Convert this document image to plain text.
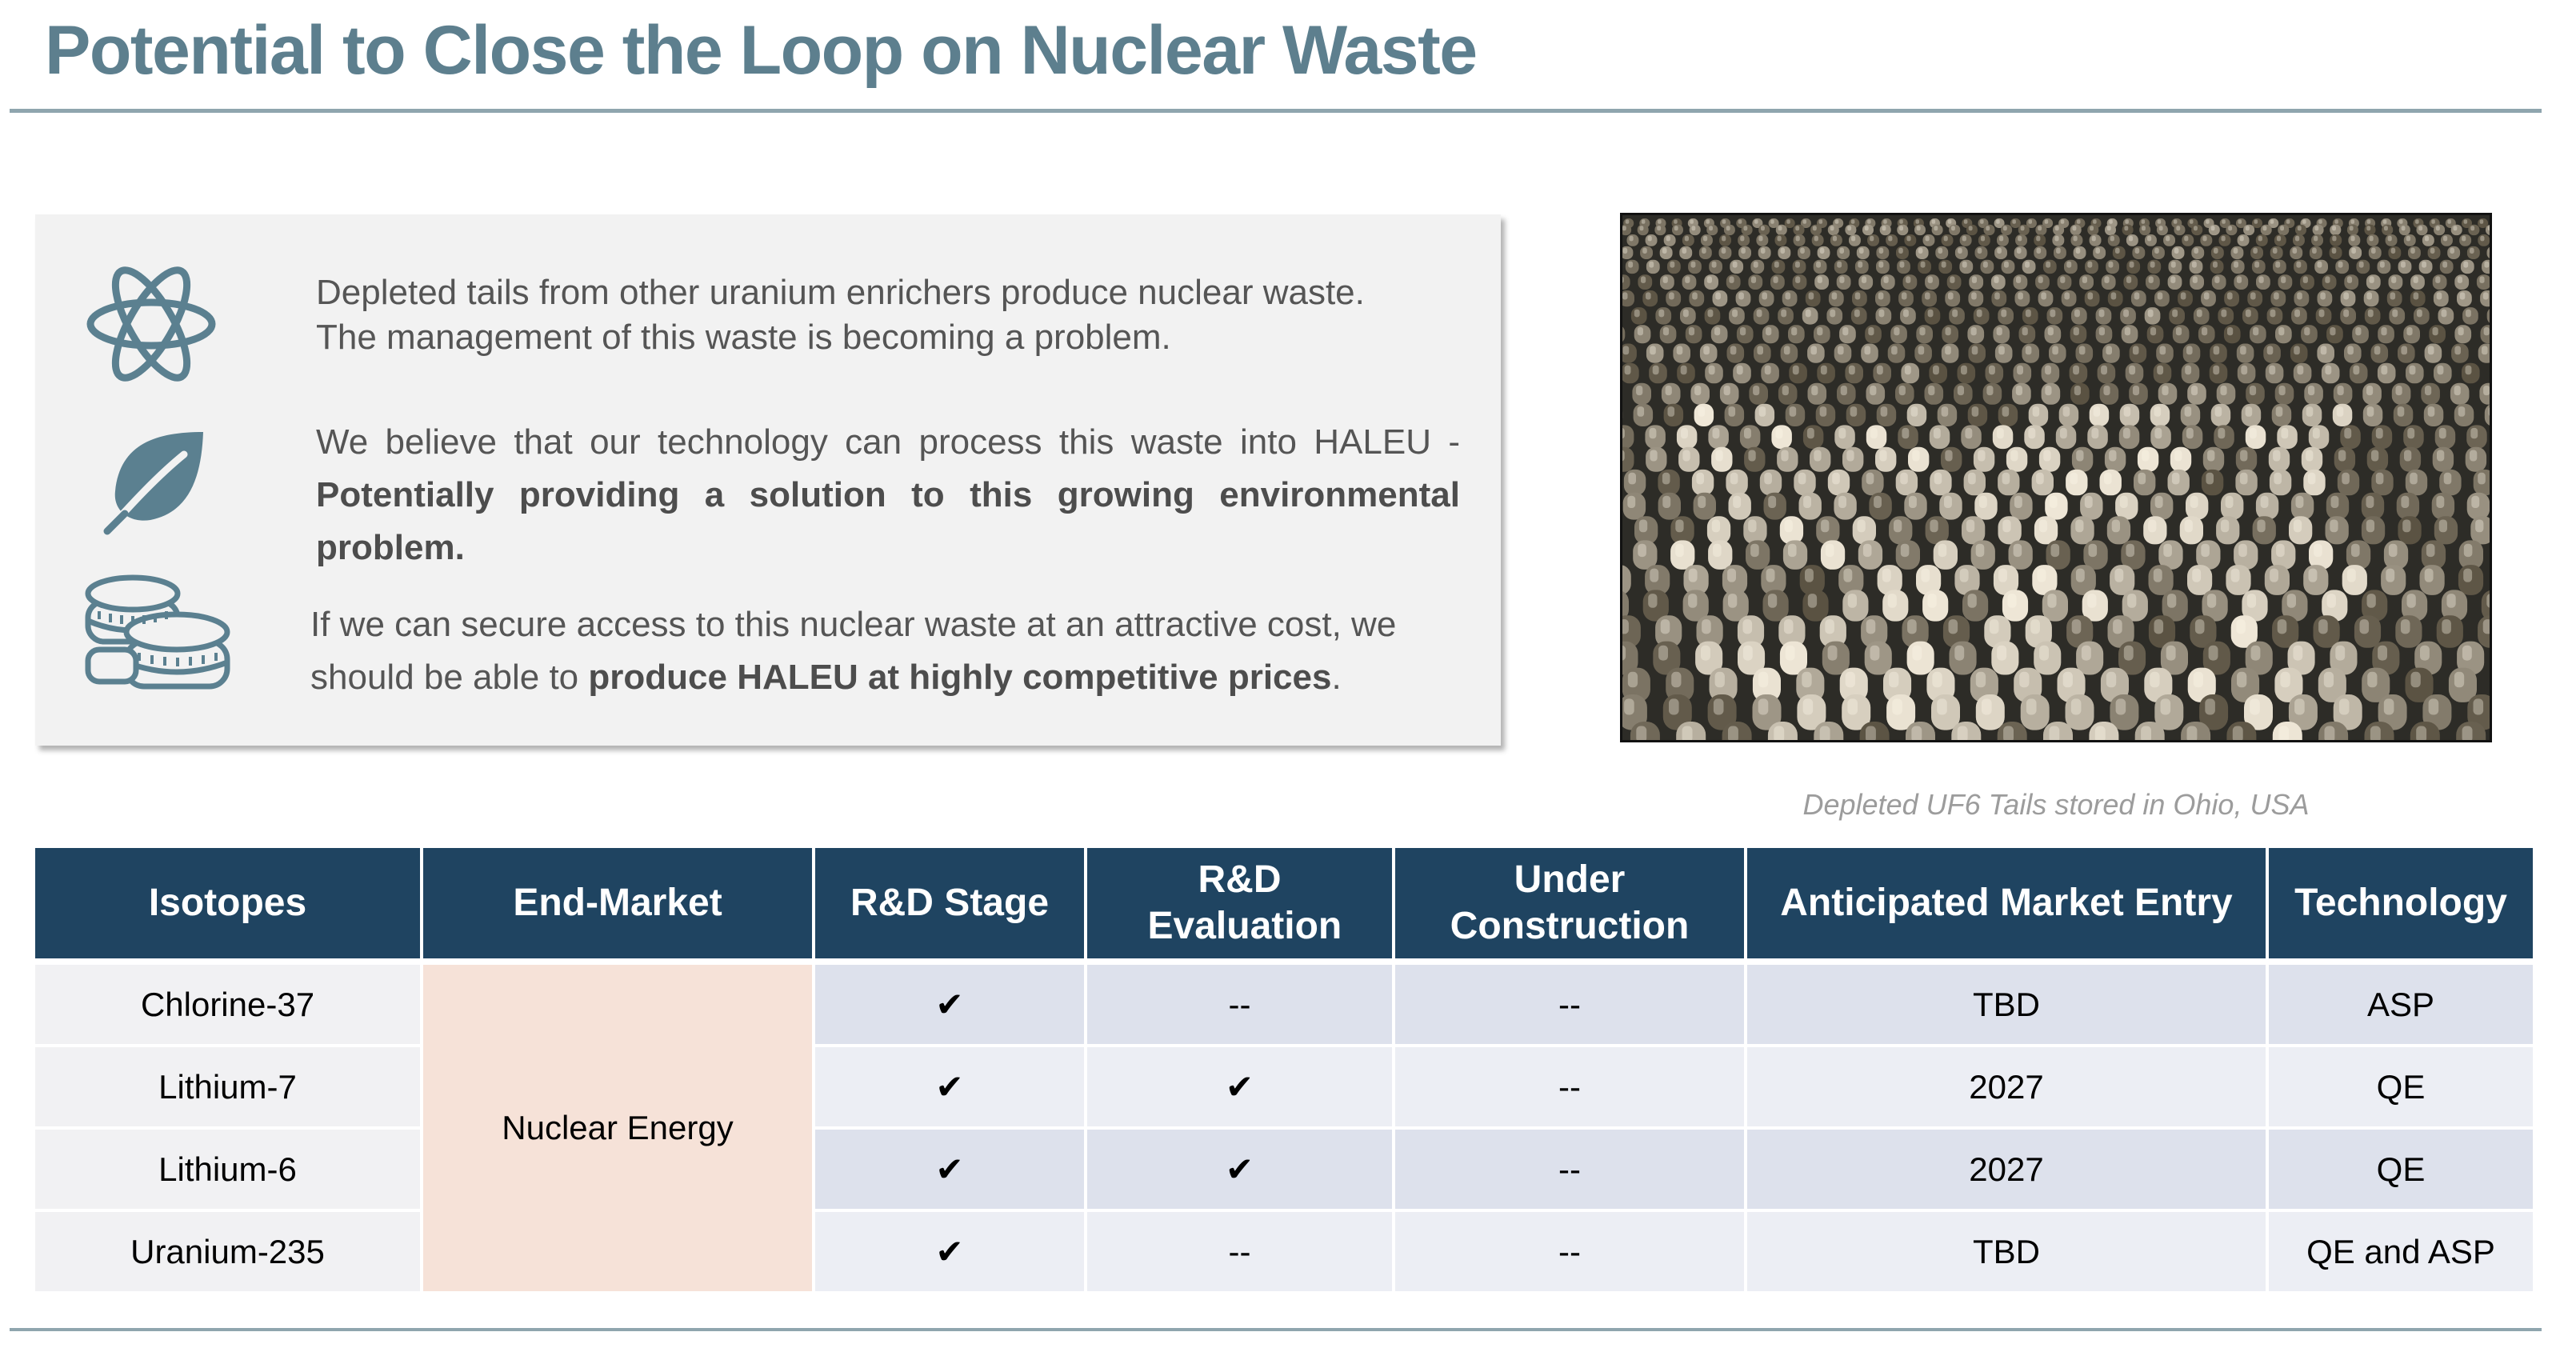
Potential to Close the Loop on Nuclear Waste
Depleted tails from other uranium enrichers produce nuclear waste.
The management of this waste is becoming a problem.
We believe that our technology can process this waste into HALEU - Potentially providing a solution to this growing environmental problem.
If we can secure access to this nuclear waste at an attractive cost, we should be able to produce HALEU at highly competitive prices.
Depleted UF6 Tails stored in Ohio, USA
Isotopes	End-Market	R&D Stage	R&D Evaluation	Under Construction	Anticipated Market Entry	Technology
Chlorine-37	Nuclear Energy	✔	--	--	TBD	ASP
Lithium-7		✔	✔	--	2027	QE
Lithium-6		✔	✔	--	2027	QE
Uranium-235		✔	--	--	TBD	QE and ASP
